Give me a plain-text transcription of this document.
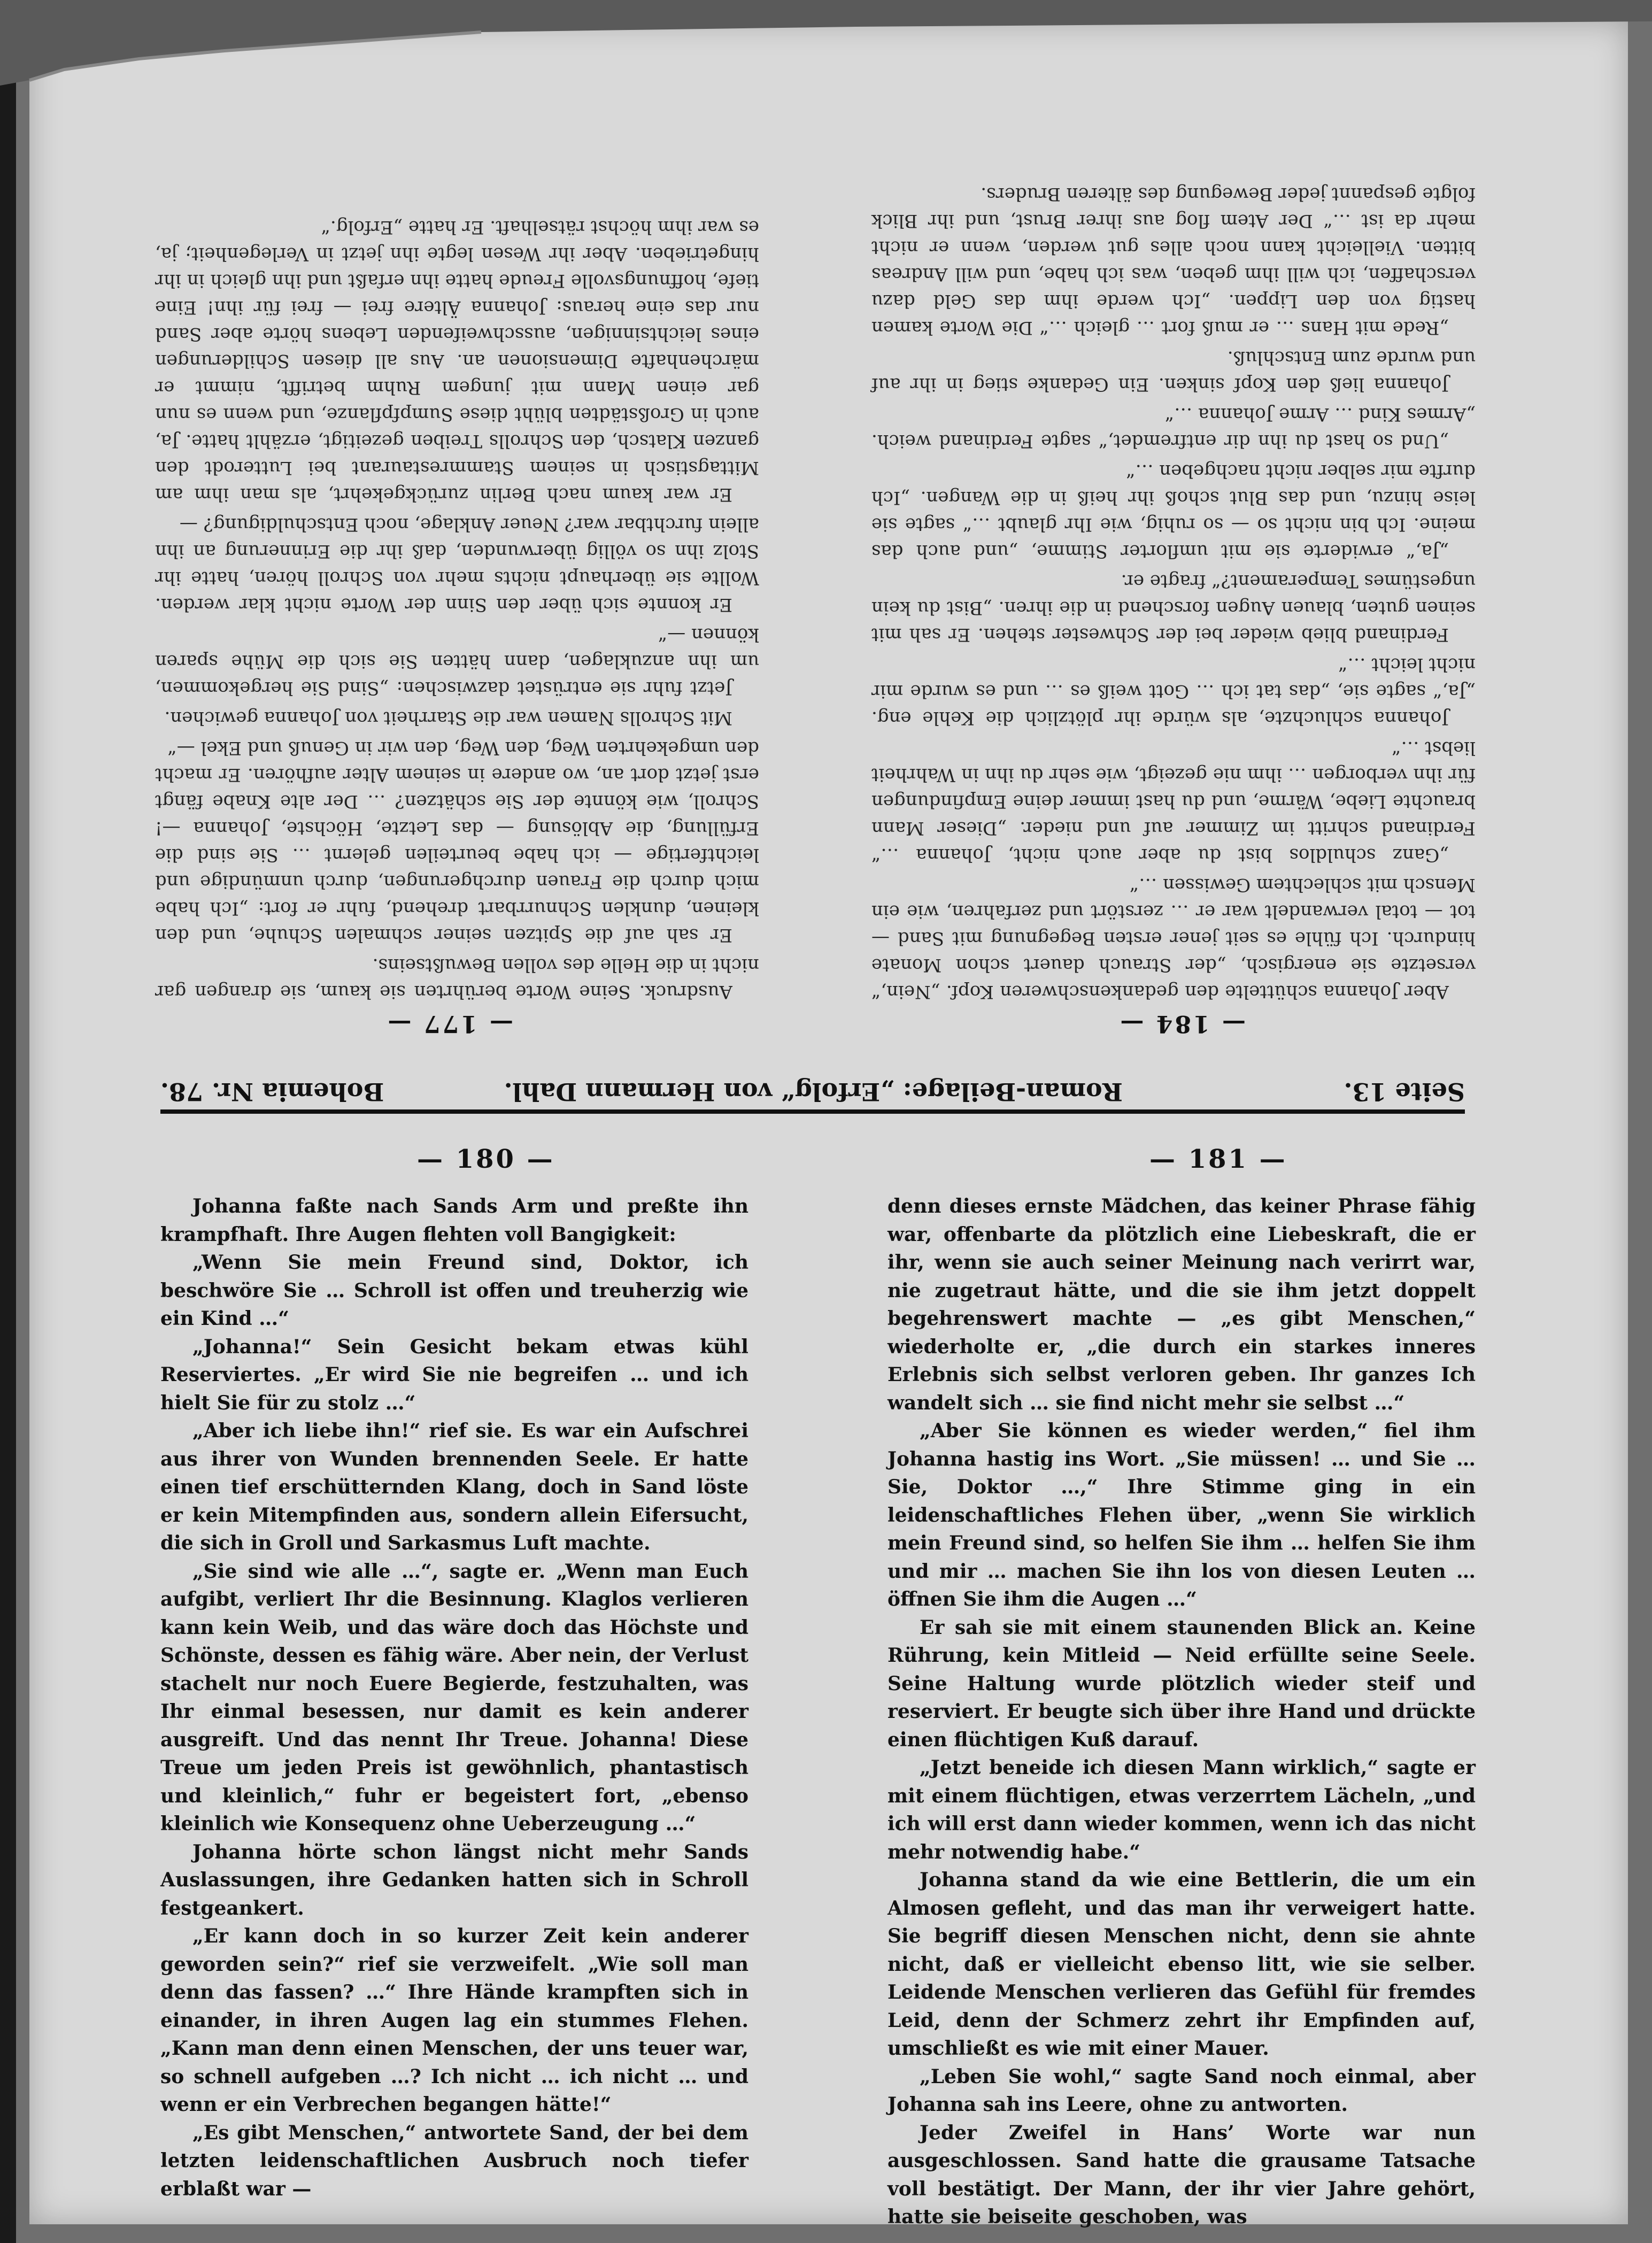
— 184 —
— 177 —

Aber Johanna schüttelte den gedankenschweren Kopf. „Nein,“ versetzte sie energisch, „der Strauch dauert schon Monate hindurch. Ich fühle es seit jener ersten Begegnung mit Sand — tot — total verwandelt war er … zerstört und zerfahren, wie ein Mensch mit schlechtem Gewissen …“

„Ganz schuldlos bist du aber auch nicht, Johanna …“ Ferdinand schritt im Zimmer auf und nieder. „Dieser Mann brauchte Liebe, Wärme, und du hast immer deine Empfindungen für ihn verborgen … ihm nie gezeigt, wie sehr du ihn in Wahrheit liebst …“

Johanna schluchzte, als würde ihr plötzlich die Kehle eng. „Ja,“ sagte sie, „das tat ich … Gott weiß es … und es wurde mir nicht leicht …“

Ferdinand blieb wieder bei der Schwester stehen. Er sah mit seinen guten, blauen Augen forschend in die ihren. „Bist du kein ungestümes Temperament?“ fragte er.

„Ja,“ erwiderte sie mit umflorter Stimme, „und auch das meine. Ich bin nicht so — so ruhig, wie Ihr glaubt …“ sagte sie leise hinzu, und das Blut schoß ihr heiß in die Wangen. „Ich durfte mir selber nicht nachgeben …“

„Und so hast du ihn dir entfremdet,“ sagte Ferdinand weich. „Armes Kind … Arme Johanna …“

Johanna ließ den Kopf sinken. Ein Gedanke stieg in ihr auf und wurde zum Entschluß.

„Rede mit Hans … er muß fort … gleich …“ Die Worte kamen hastig von den Lippen. „Ich werde ihm das Geld dazu verschaffen, ich will ihm geben, was ich habe, und will Andreas bitten. Vielleicht kann noch alles gut werden, wenn er nicht mehr da ist …“ Der Atem flog aus ihrer Brust, und ihr Blick folgte gespannt jeder Bewegung des älteren Bruders.

Ausdruck. Seine Worte berührten sie kaum, sie drangen gar nicht in die Helle des vollen Bewußtseins.

Er sah auf die Spitzen seiner schmalen Schuhe, und den kleinen, dunklen Schnurrbart drehend, fuhr er fort: „Ich habe mich durch die Frauen durchgerungen, durch unmündige und leichtfertige — ich habe beurteilen gelernt … Sie sind die Erfüllung, die Ablösung — das Letzte, Höchste, Johanna —! Schroll, wie könnte der Sie schätzen? … Der alte Knabe fängt erst jetzt dort an, wo andere in seinem Alter aufhören. Er macht den umgekehrten Weg, den Weg, den wir in Genuß und Ekel —“

Mit Schrolls Namen war die Starrheit von Johanna gewichen.

Jetzt fuhr sie entrüstet dazwischen: „Sind Sie hergekommen, um ihn anzuklagen, dann hätten Sie sich die Mühe sparen können —“

Er konnte sich über den Sinn der Worte nicht klar werden. Wollte sie überhaupt nichts mehr von Schroll hören, hatte ihr Stolz ihn so völlig überwunden, daß ihr die Erinnerung an ihn allein furchtbar war? Neuer Anklage, noch Entschuldigung? —

Er war kaum nach Berlin zurückgekehrt, als man ihm am Mittagstisch in seinem Stammrestaurant bei Lutterodt den ganzen Klatsch, den Schrolls Treiben gezeitigt, erzählt hatte. Ja, auch in Großstädten blüht diese Sumpfpflanze, und wenn es nun gar einen Mann mit jungem Ruhm betrifft, nimmt er märchenhafte Dimensionen an. Aus all diesen Schilderungen eines leichtsinnigen, ausschweifenden Lebens hörte aber Sand nur das eine heraus: Johanna Ältere frei — frei für ihn! Eine tiefe, hoffnungsvolle Freude hatte ihn erfaßt und ihn gleich in ihr hingetrieben. Aber ihr Wesen legte ihn jetzt in Verlegenheit; ja, es war ihm höchst rätselhaft. Er hatte „Erfolg.“

Seite 13.
Roman-Beilage: „Erfolg“ von Hermann Dahl.
Bohemia Nr. 78.
— 180 —	— 181 —

Johanna faßte nach Sands Arm und preßte ihn krampfhaft. Ihre Augen flehten voll Bangigkeit:

„Wenn Sie mein Freund sind, Doktor, ich beschwöre Sie … Schroll ist offen und treuherzig wie ein Kind …“

„Johanna!“ Sein Gesicht bekam etwas kühl Reserviertes. „Er wird Sie nie begreifen … und ich hielt Sie für zu stolz …“

„Aber ich liebe ihn!“ rief sie. Es war ein Aufschrei aus ihrer von Wunden brennenden Seele. Er hatte einen tief erschütternden Klang, doch in Sand löste er kein Mitempfinden aus, sondern allein Eifersucht, die sich in Groll und Sarkasmus Luft machte.

„Sie sind wie alle …“, sagte er. „Wenn man Euch aufgibt, verliert Ihr die Besinnung. Klaglos verlieren kann kein Weib, und das wäre doch das Höchste und Schönste, dessen es fähig wäre. Aber nein, der Verlust stachelt nur noch Euere Begierde, festzuhalten, was Ihr einmal besessen, nur damit es kein anderer ausgreift. Und das nennt Ihr Treue. Johanna! Diese Treue um jeden Preis ist gewöhnlich, phantastisch und kleinlich,“ fuhr er begeistert fort, „ebenso kleinlich wie Konsequenz ohne Ueberzeugung …“

Johanna hörte schon längst nicht mehr Sands Auslassungen, ihre Gedanken hatten sich in Schroll festgeankert.

„Er kann doch in so kurzer Zeit kein anderer geworden sein?“ rief sie verzweifelt. „Wie soll man denn das fassen? …“ Ihre Hände krampften sich in einander, in ihren Augen lag ein stummes Flehen. „Kann man denn einen Menschen, der uns teuer war, so schnell aufgeben …? Ich nicht … ich nicht … und wenn er ein Verbrechen begangen hätte!“

„Es gibt Menschen,“ antwortete Sand, der bei dem letzten leidenschaftlichen Ausbruch noch tiefer erblaßt war —

denn dieses ernste Mädchen, das keiner Phrase fähig war, offenbarte da plötzlich eine Liebeskraft, die er ihr, wenn sie auch seiner Meinung nach verirrt war, nie zugetraut hätte, und die sie ihm jetzt doppelt begehrenswert machte — „es gibt Menschen,“ wiederholte er, „die durch ein starkes inneres Erlebnis sich selbst verloren geben. Ihr ganzes Ich wandelt sich … sie find nicht mehr sie selbst …“

„Aber Sie können es wieder werden,“ fiel ihm Johanna hastig ins Wort. „Sie müssen! … und Sie … Sie, Doktor …,“ Ihre Stimme ging in ein leidenschaftliches Flehen über, „wenn Sie wirklich mein Freund sind, so helfen Sie ihm … helfen Sie ihm und mir … machen Sie ihn los von diesen Leuten … öffnen Sie ihm die Augen …“

Er sah sie mit einem staunenden Blick an. Keine Rührung, kein Mitleid — Neid erfüllte seine Seele. Seine Haltung wurde plötzlich wieder steif und reserviert. Er beugte sich über ihre Hand und drückte einen flüchtigen Kuß darauf.

„Jetzt beneide ich diesen Mann wirklich,“ sagte er mit einem flüchtigen, etwas verzerrtem Lächeln, „und ich will erst dann wieder kommen, wenn ich das nicht mehr notwendig habe.“

Johanna stand da wie eine Bettlerin, die um ein Almosen gefleht, und das man ihr verweigert hatte. Sie begriff diesen Menschen nicht, denn sie ahnte nicht, daß er vielleicht ebenso litt, wie sie selber. Leidende Menschen verlieren das Gefühl für fremdes Leid, denn der Schmerz zehrt ihr Empfinden auf, umschließt es wie mit einer Mauer.

„Leben Sie wohl,“ sagte Sand noch einmal, aber Johanna sah ins Leere, ohne zu antworten.

Jeder Zweifel in Hans’ Worte war nun ausgeschlossen. Sand hatte die grausame Tatsache voll bestätigt. Der Mann, der ihr vier Jahre gehört, hatte sie beiseite geschoben, was
